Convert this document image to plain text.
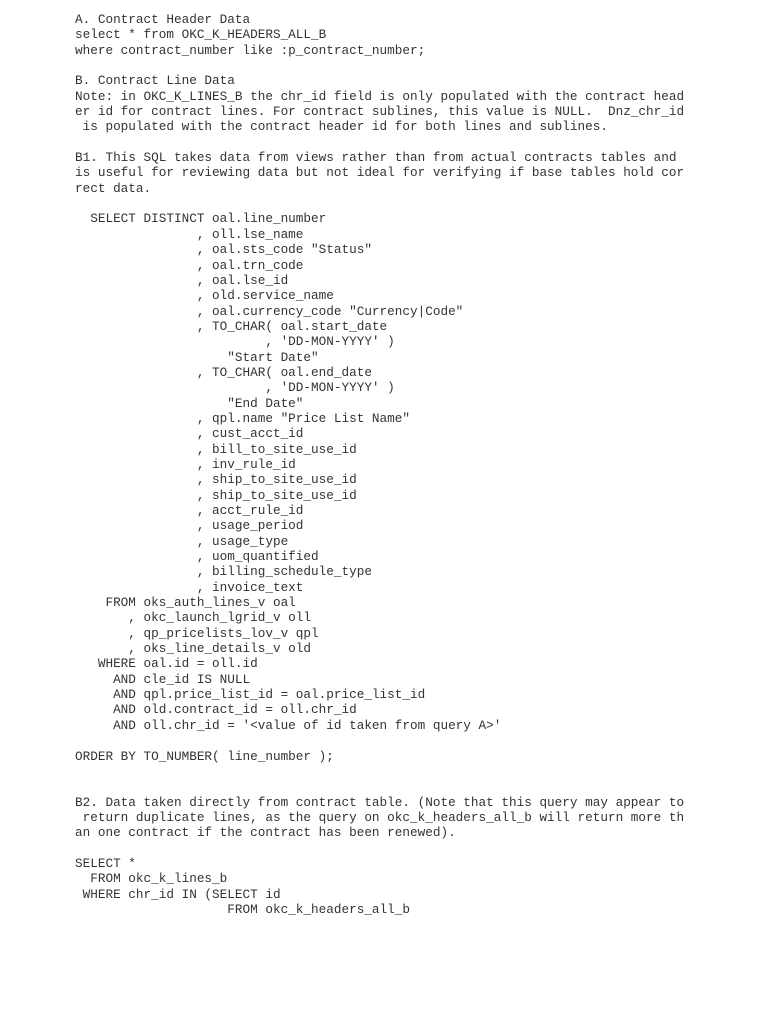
A. Contract Header Data
select * from OKC_K_HEADERS_ALL_B
where contract_number like :p_contract_number;
B. Contract Line Data
Note: in OKC_K_LINES_B the chr_id field is only populated with the contract head
er id for contract lines. For contract sublines, this value is NULL.  Dnz_chr_id
is populated with the contract header id for both lines and sublines.
B1. This SQL takes data from views rather than from actual contracts tables and
is useful for reviewing data but not ideal for verifying if base tables hold cor
rect data.
SELECT DISTINCT oal.line_number
, oll.lse_name
, oal.sts_code "Status"
, oal.trn_code
, oal.lse_id
, old.service_name
, oal.currency_code "Currency|Code"
, TO_CHAR( oal.start_date
, 'DD-MON-YYYY' )
"Start Date"
, TO_CHAR( oal.end_date
, 'DD-MON-YYYY' )
"End Date"
, qpl.name "Price List Name"
, cust_acct_id
, bill_to_site_use_id
, inv_rule_id
, ship_to_site_use_id
, ship_to_site_use_id
, acct_rule_id
, usage_period
, usage_type
, uom_quantified
, billing_schedule_type
, invoice_text
FROM oks_auth_lines_v oal
, okc_launch_lgrid_v oll
, qp_pricelists_lov_v qpl
, oks_line_details_v old
WHERE oal.id = oll.id
AND cle_id IS NULL
AND qpl.price_list_id = oal.price_list_id
AND old.contract_id = oll.chr_id
AND oll.chr_id = '<value of id taken from query A>'
ORDER BY TO_NUMBER( line_number );
B2. Data taken directly from contract table. (Note that this query may appear to
return duplicate lines, as the query on okc_k_headers_all_b will return more th
an one contract if the contract has been renewed).
SELECT *
FROM okc_k_lines_b
WHERE chr_id IN (SELECT id
FROM okc_k_headers_all_b
